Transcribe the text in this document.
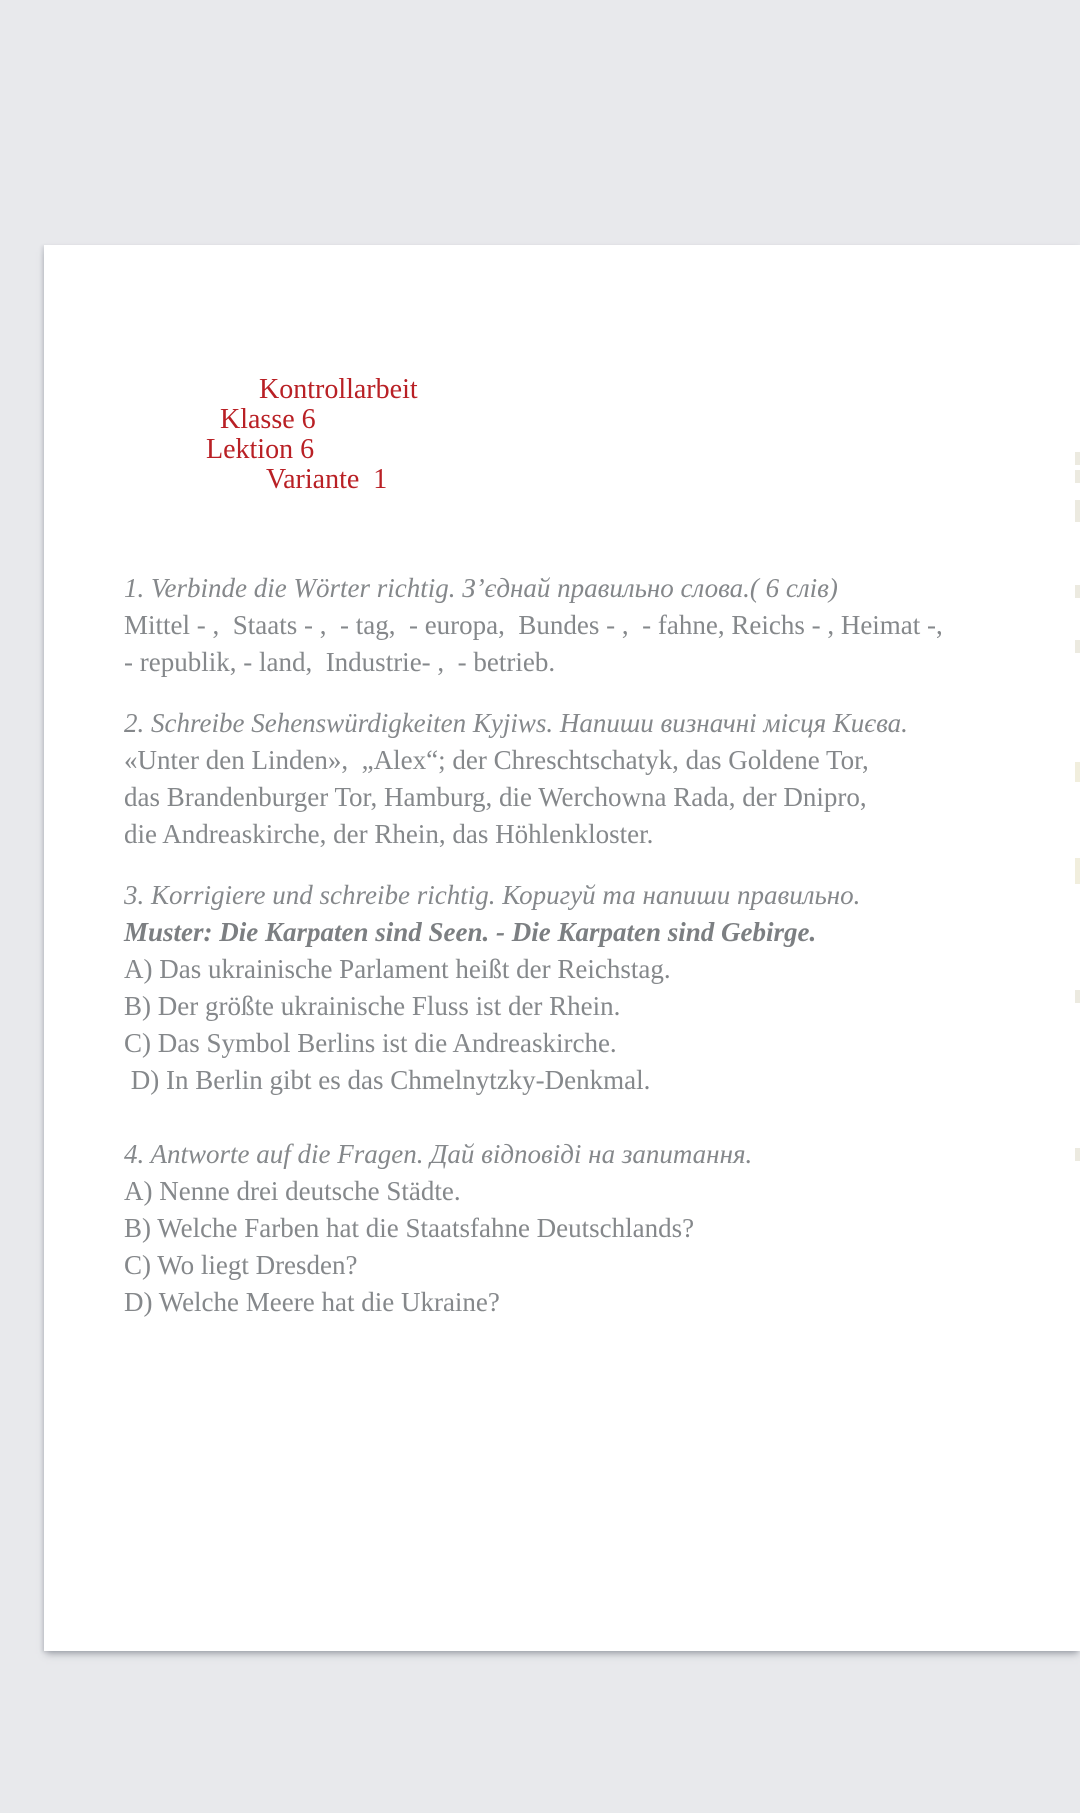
Kontrollarbeit
Klasse 6
Lektion 6
Variante  1

1. Verbinde die Wörter richtig. З’єднай правильно слова.( 6 слів)
Mittel - ,  Staats - ,  - tag,  - europa,  Bundes - ,  - fahne, Reichs - , Heimat -,
- republik, - land,  Industrie- ,  - betrieb.
2. Schreibe Sehenswürdigkeiten Kyjiws. Напиши визначні місця Києва.
«Unter den Linden»,  „Alex“; der Chreschtschatyk, das Goldene Tor,
das Brandenburger Tor, Hamburg, die Werchowna Rada, der Dnipro,
die Andreaskirche, der Rhein, das Höhlenkloster.
3. Korrigiere und schreibe richtig. Коригуй та напиши правильно.
Muster: Die Karpaten sind Seen. - Die Karpaten sind Gebirge.
A) Das ukrainische Parlament heißt der Reichstag.
B) Der größte ukrainische Fluss ist der Rhein.
C) Das Symbol Berlins ist die Andreaskirche.
D) In Berlin gibt es das Chmelnytzky-Denkmal.
4. Antworte auf die Fragen. Дай відповіді на запитання.
A) Nenne drei deutsche Städte.
B) Welche Farben hat die Staatsfahne Deutschlands?
C) Wo liegt Dresden?
D) Welche Meere hat die Ukraine?
